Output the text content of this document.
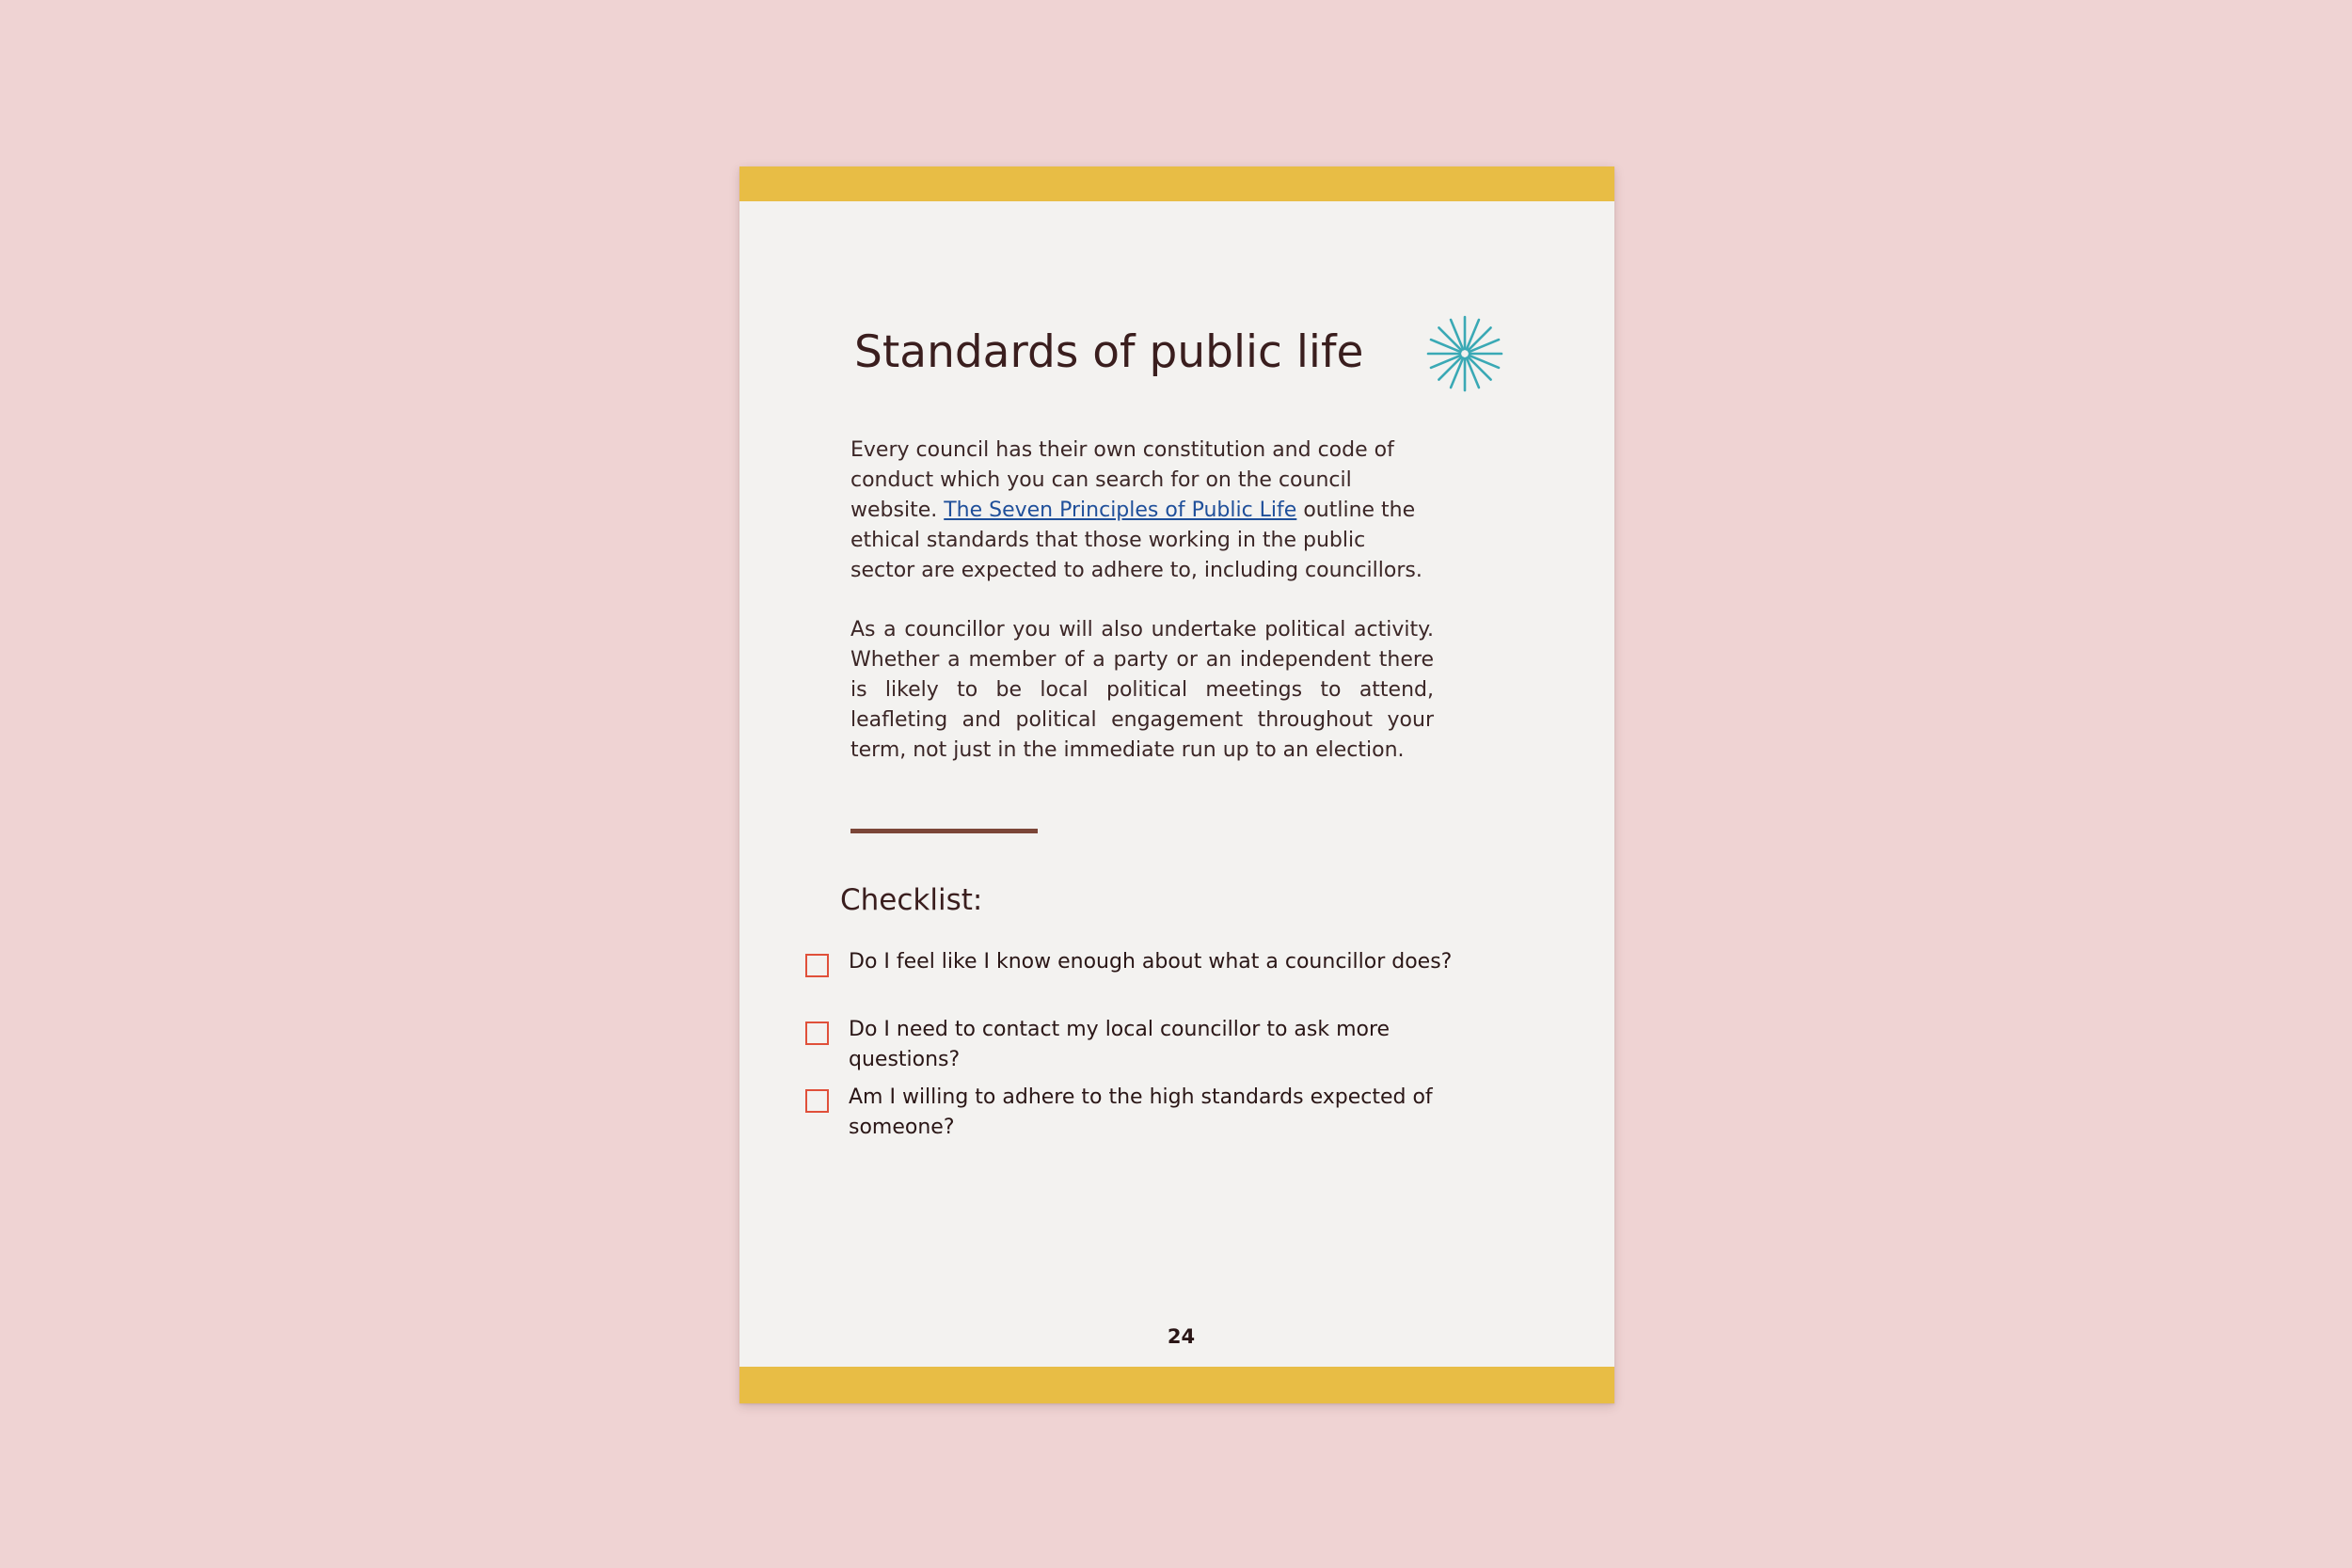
Standards of public life

Every council has their own constitution and code of conduct which you can search for on the council website. The Seven Principles of Public Life outline the ethical standards that those working in the public sector are expected to adhere to, including councillors.

As a councillor you will also undertake political activity. Whether a member of a party or an independent there is likely to be local political meetings to attend, leafleting and political engagement throughout your term, not just in the immediate run up to an election.

Checklist:
Do I feel like I know enough about what a councillor does?
Do I need to contact my local councillor to ask more questions?
Am I willing to adhere to the high standards expected of someone?
24
